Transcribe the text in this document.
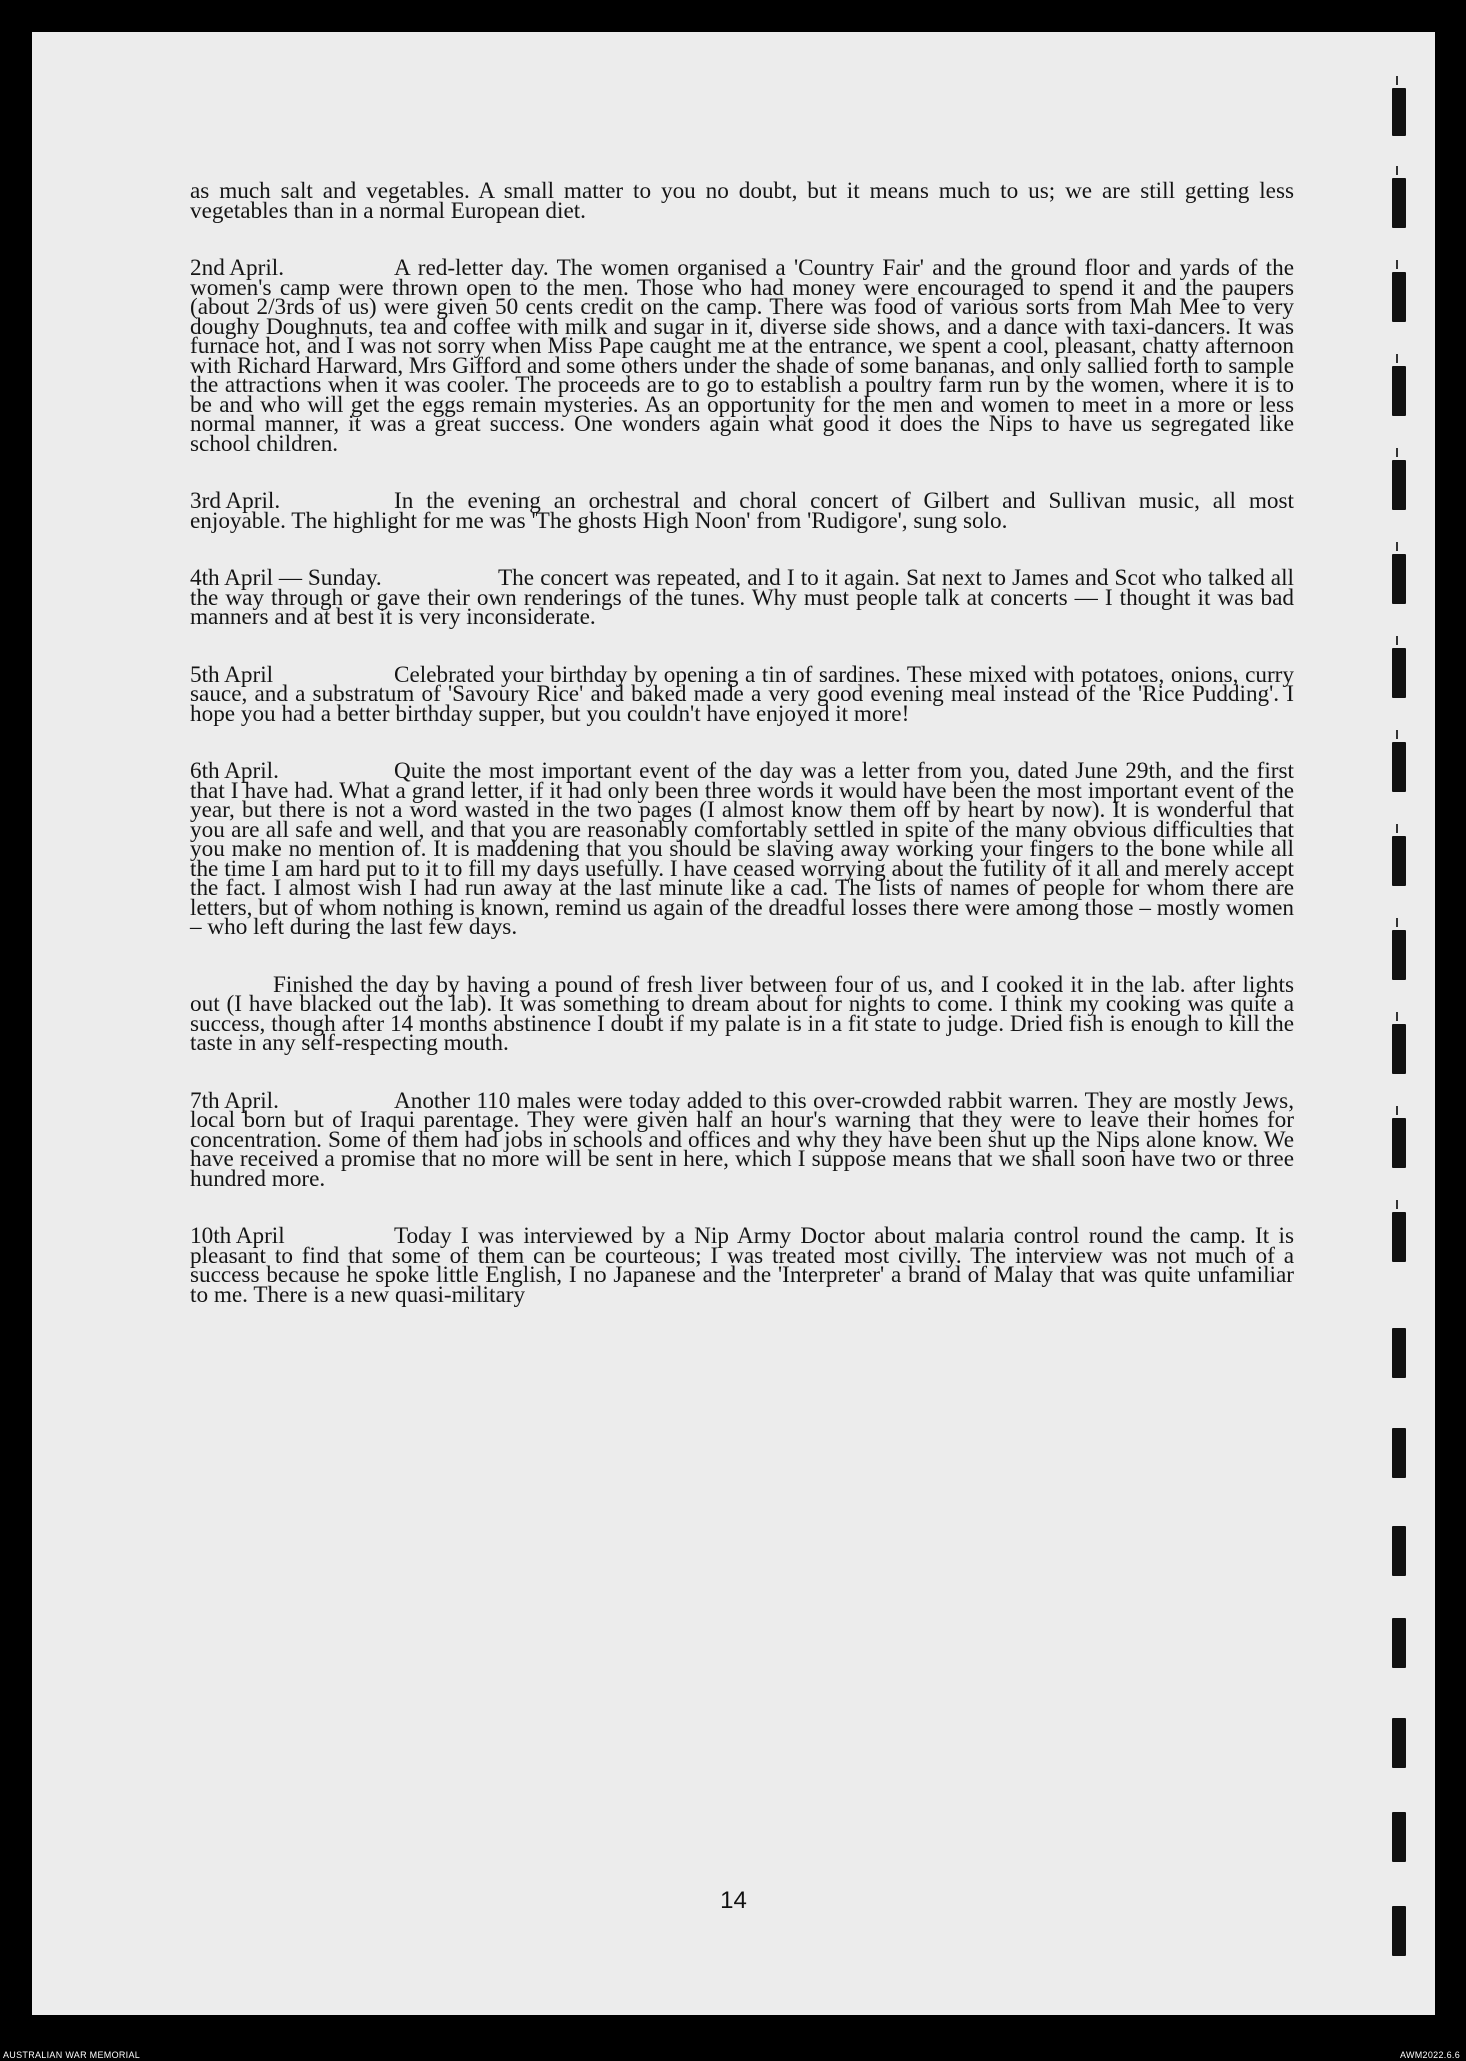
as much salt and vegetables. A small matter to you no doubt, but it means much to us; we are still getting less vegetables than in a normal European diet.

2nd April.	A red-letter day. The women organised a 'Country Fair' and the ground floor and yards of the women's camp were thrown open to the men. Those who had money were encouraged to spend it and the paupers (about 2/3rds of us) were given 50 cents credit on the camp. There was food of various sorts from Mah Mee to very doughy Doughnuts, tea and coffee with milk and sugar in it, diverse side shows, and a dance with taxi-dancers. It was furnace hot, and I was not sorry when Miss Pape caught me at the entrance, we spent a cool, pleasant, chatty afternoon with Richard Harward, Mrs Gifford and some others under the shade of some bananas, and only sallied forth to sample the attractions when it was cooler. The proceeds are to go to establish a poultry farm run by the women, where it is to be and who will get the eggs remain mysteries. As an opportunity for the men and women to meet in a more or less normal manner, it was a great success. One wonders again what good it does the Nips to have us segregated like school children.

3rd April.	In the evening an orchestral and choral concert of Gilbert and Sullivan music, all most enjoyable. The highlight for me was 'The ghosts High Noon' from 'Rudigore', sung solo.

4th April — Sunday.	The concert was repeated, and I to it again. Sat next to James and Scot who talked all the way through or gave their own renderings of the tunes. Why must people talk at concerts — I thought it was bad manners and at best it is very inconsiderate.

5th April	Celebrated your birthday by opening a tin of sardines. These mixed with potatoes, onions, curry sauce, and a substratum of 'Savoury Rice' and baked made a very good evening meal instead of the 'Rice Pudding'. I hope you had a better birthday supper, but you couldn't have enjoyed it more!

6th April.	Quite the most important event of the day was a letter from you, dated June 29th, and the first that I have had. What a grand letter, if it had only been three words it would have been the most important event of the year, but there is not a word wasted in the two pages (I almost know them off by heart by now). It is wonderful that you are all safe and well, and that you are reasonably comfortably settled in spite of the many obvious difficulties that you make no mention of. It is maddening that you should be slaving away working your fingers to the bone while all the time I am hard put to it to fill my days usefully. I have ceased worrying about the futility of it all and merely accept the fact. I almost wish I had run away at the last minute like a cad. The lists of names of people for whom there are letters, but of whom nothing is known, remind us again of the dreadful losses there were among those – mostly women – who left during the last few days.

Finished the day by having a pound of fresh liver between four of us, and I cooked it in the lab. after lights out (I have blacked out the lab). It was something to dream about for nights to come. I think my cooking was quite a success, though after 14 months abstinence I doubt if my palate is in a fit state to judge. Dried fish is enough to kill the taste in any self-respecting mouth.

7th April.	Another 110 males were today added to this over-crowded rabbit warren. They are mostly Jews, local born but of Iraqui parentage. They were given half an hour's warning that they were to leave their homes for concentration. Some of them had jobs in schools and offices and why they have been shut up the Nips alone know. We have received a promise that no more will be sent in here, which I suppose means that we shall soon have two or three hundred more.

10th April	Today I was interviewed by a Nip Army Doctor about malaria control round the camp. It is pleasant to find that some of them can be courteous; I was treated most civilly. The interview was not much of a success because he spoke little English, I no Japanese and the 'Interpreter' a brand of Malay that was quite unfamiliar to me. There is a new quasi-military

14
AUSTRALIAN WAR MEMORIAL	AWM2022.6.6
